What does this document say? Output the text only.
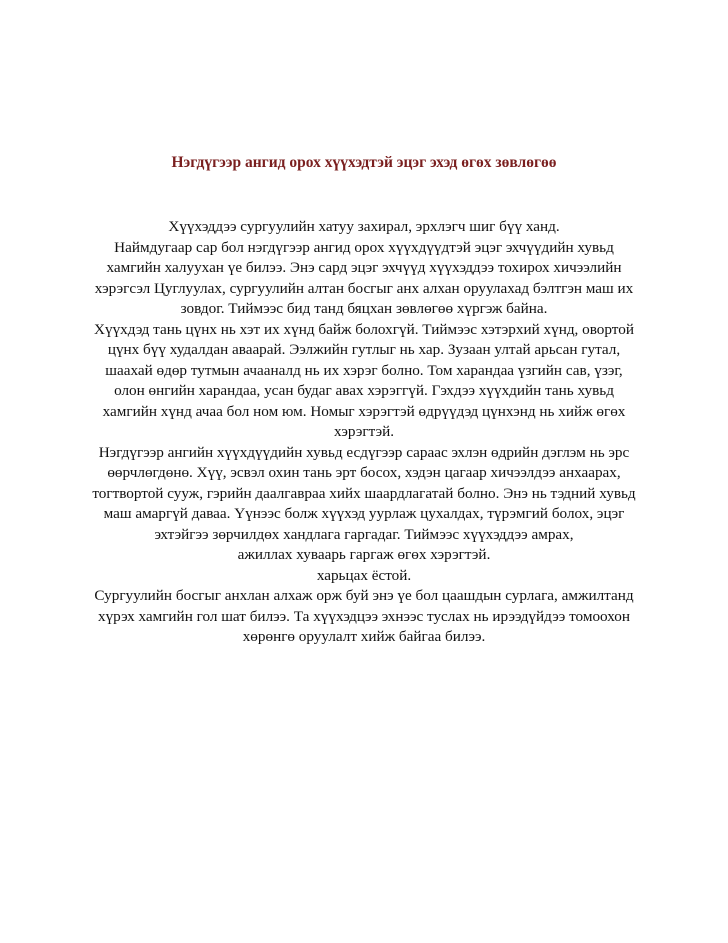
Нэгдүгээр ангид орох хүүхэдтэй эцэг эхэд өгөх зөвлөгөө
Хүүхэддээ сургуулийн хатуу захирал, эрхлэгч шиг бүү ханд.
Наймдугаар сар бол нэгдүгээр ангид орох хүүхдүүдтэй эцэг эхчүүдийн хувьд
хамгийн халуухан үе билээ. Энэ сард эцэг эхчүүд хүүхэддээ тохирох хичээлийн
хэрэгсэл Цуглуулах, сургуулийн алтан босгыг анх алхан оруулахад бэлтгэн маш их
зовдог. Тиймээс бид танд бяцхан зөвлөгөө хүргэж байна.
Хүүхдэд тань цүнх нь хэт их хүнд байж болохгүй. Тиймээс хэтэрхий хүнд, овортой
цүнх бүү худалдан аваарай. Ээлжийн гутлыг нь хар. Зузаан ултай арьсан гутал,
шаахай өдөр тутмын ачааналд нь их хэрэг болно. Том харандаа үзгийн сав, үзэг,
олон өнгийн харандаа, усан будаг авах хэрэггүй. Гэхдээ хүүхдийн тань хувьд
хамгийн хүнд ачаа бол ном юм. Номыг хэрэгтэй өдрүүдэд цүнхэнд нь хийж өгөх
хэрэгтэй.
Нэгдүгээр ангийн хүүхдүүдийн хувьд есдүгээр сараас эхлэн өдрийн дэглэм нь эрс
өөрчлөгдөнө. Хүү, эсвэл охин тань эрт босох, хэдэн цагаар хичээлдээ анхаарах,
тогтвортой сууж, гэрийн даалгавраа хийх шаардлагатай болно. Энэ нь тэдний хувьд
маш амаргүй даваа. Үүнээс болж хүүхэд уурлаж цухалдах, түрэмгий болох, эцэг
эхтэйгээ зөрчилдөх хандлага гаргадаг. Тиймээс хүүхэддээ амрах,
ажиллах хуваарь гаргаж өгөх хэрэгтэй.
харьцах ёстой.
Сургуулийн босгыг анхлан алхаж орж буй энэ үе бол цаашдын сурлага, амжилтанд
хүрэх хамгийн гол шат билээ. Та хүүхэдцээ эхнээс туслах нь ирээдүйдээ томоохон
хөрөнгө оруулалт хийж байгаа билээ.
